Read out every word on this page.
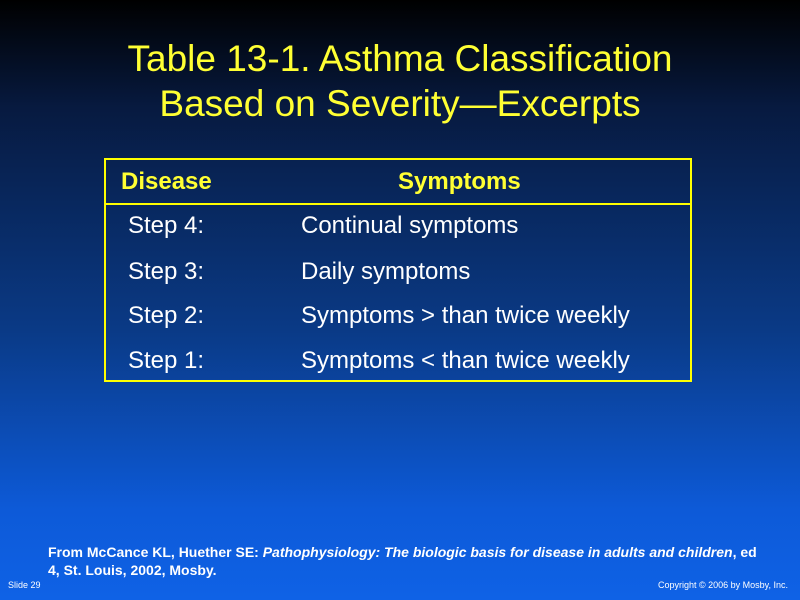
Table 13-1. Asthma Classification
Based on Severity—Excerpts
Disease	Symptoms
Step 4:	Continual symptoms
Step 3:	Daily symptoms
Step 2:	Symptoms > than twice weekly
Step 1:	Symptoms < than twice weekly
From McCance KL, Huether SE: Pathophysiology: The biologic basis for disease in adults and children, ed 4, St. Louis, 2002, Mosby.
Slide 29	Copyright © 2006 by Mosby, Inc.
